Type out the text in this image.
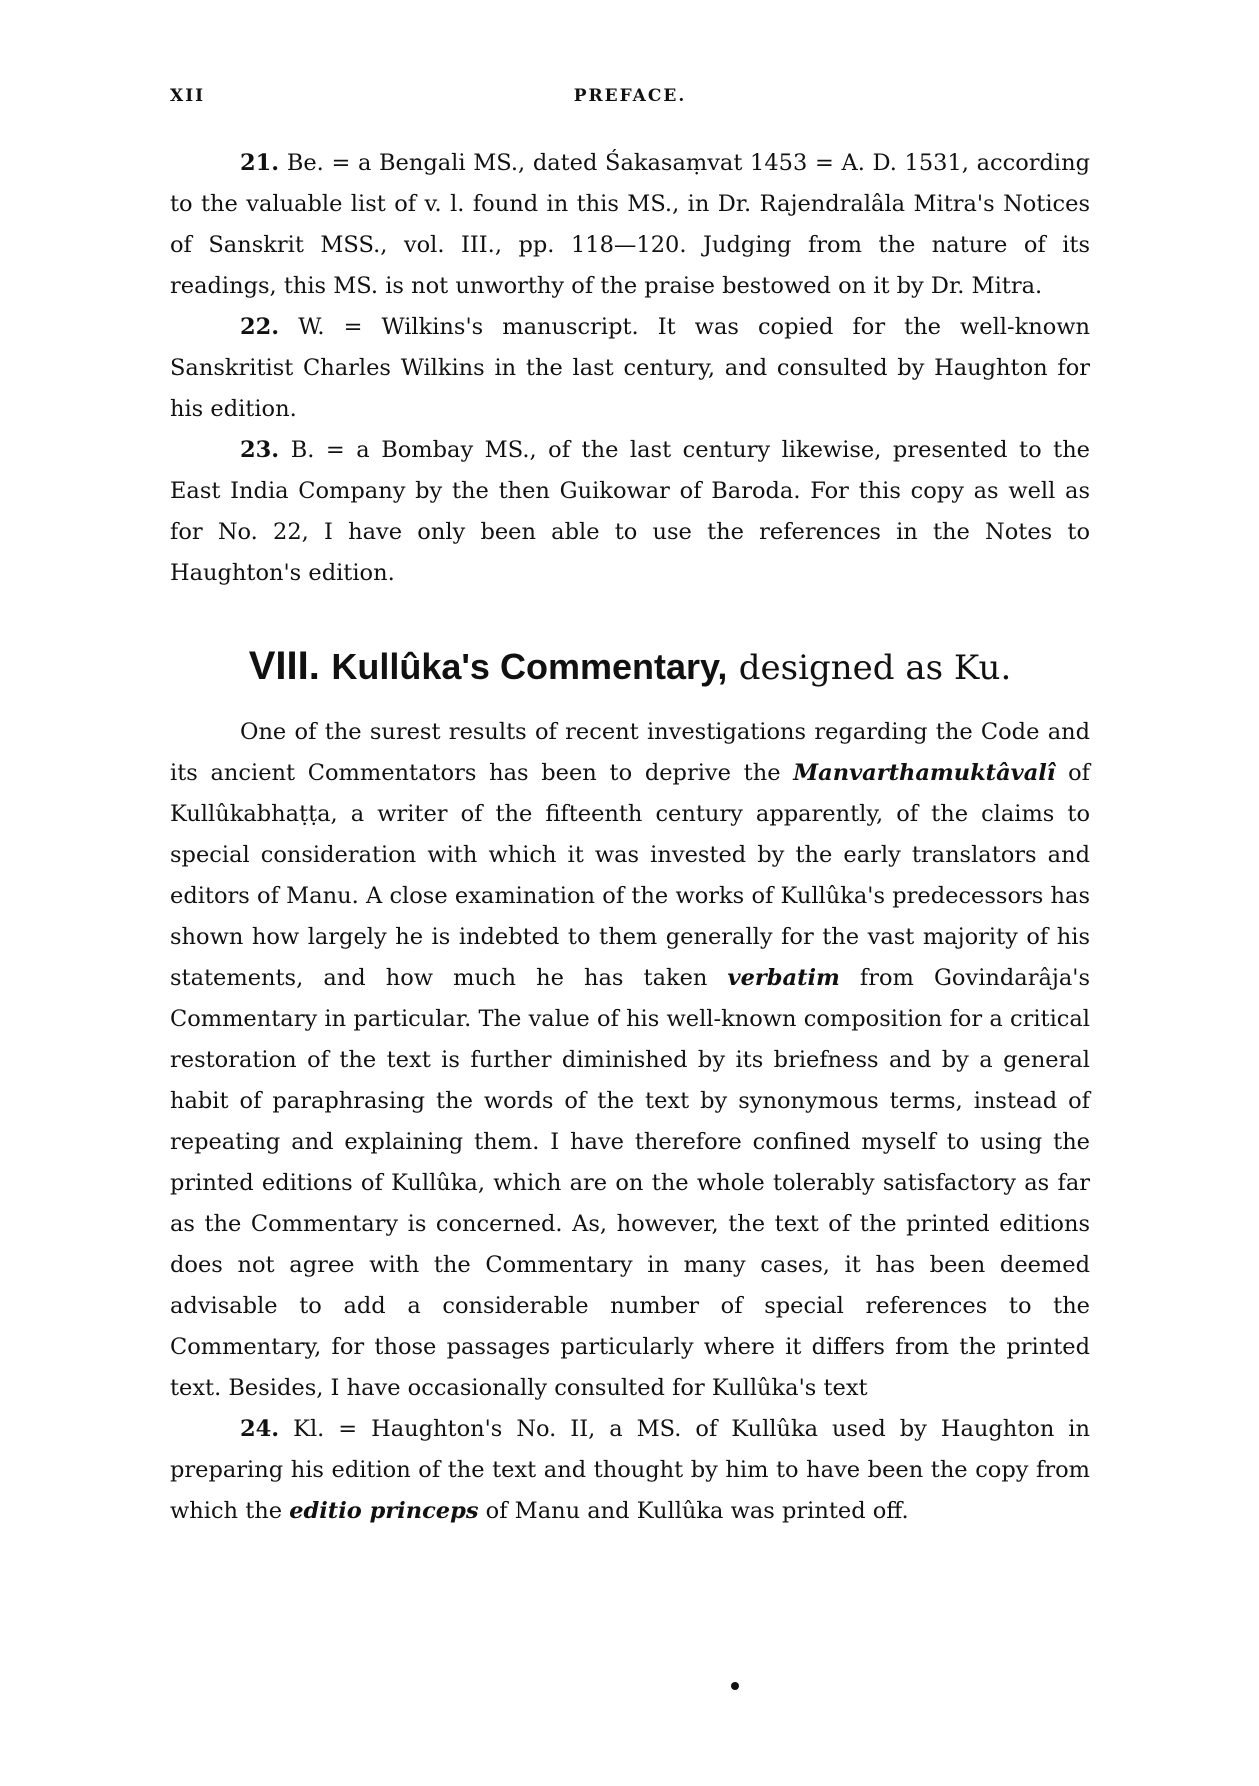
XII	PREFACE.

21. Be. = a Bengali MS., dated Śakasaṃvat 1453 = A. D. 1531, according to the valuable list of v. l. found in this MS., in Dr. Rajendralâla Mitra's Notices of Sanskrit MSS., vol. III., pp. 118—120. Judging from the nature of its readings, this MS. is not unworthy of the praise bestowed on it by Dr. Mitra.

22. W. = Wilkins's manuscript. It was copied for the well-known Sanskritist Charles Wilkins in the last century, and consulted by Haughton for his edition.

23. B. = a Bombay MS., of the last century likewise, presented to the East India Company by the then Guikowar of Baroda. For this copy as well as for No. 22, I have only been able to use the references in the Notes to Haughton's edition.

VIII. Kullûka's Commentary, designed as Ku.

One of the surest results of recent investigations regarding the Code and its ancient Commentators has been to deprive the Manvarthamuktâvalî of Kullûkabhaṭṭa, a writer of the fifteenth century apparently, of the claims to special consideration with which it was invested by the early translators and editors of Manu. A close examination of the works of Kullûka's predecessors has shown how largely he is indebted to them generally for the vast majority of his statements, and how much he has taken verbatim from Govindarâja's Commentary in particular. The value of his well-known composition for a critical restoration of the text is further diminished by its briefness and by a general habit of paraphrasing the words of the text by synonymous terms, instead of repeating and explaining them. I have therefore confined myself to using the printed editions of Kullûka, which are on the whole tolerably satisfactory as far as the Commentary is concerned. As, however, the text of the printed editions does not agree with the Commentary in many cases, it has been deemed advisable to add a considerable number of special references to the Commentary, for those passages particularly where it differs from the printed text. Besides, I have occasionally consulted for Kullûka's text

24. Kl. = Haughton's No. II, a MS. of Kullûka used by Haughton in preparing his edition of the text and thought by him to have been the copy from which the editio princeps of Manu and Kullûka was printed off.
